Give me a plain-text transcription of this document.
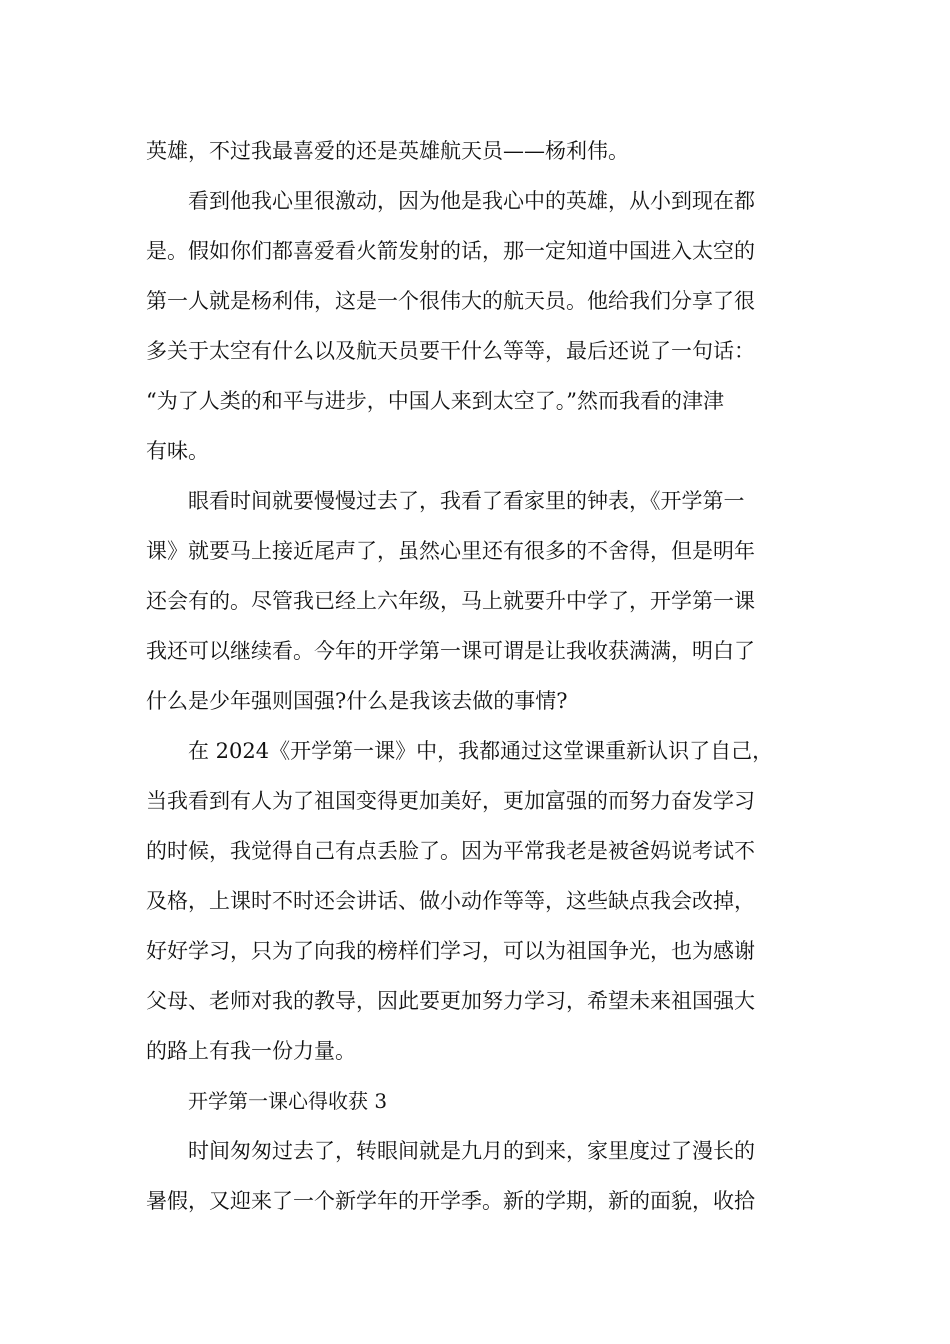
英雄，不过我最喜爱的还是英雄航天员——杨利伟。
看到他我心里很激动，因为他是我心中的英雄，从小到现在都
是。假如你们都喜爱看火箭发射的话，那一定知道中国进入太空的
第一人就是杨利伟，这是一个很伟大的航天员。他给我们分享了很
多关于太空有什么以及航天员要干什么等等，最后还说了一句话：
“为了人类的和平与进步，中国人来到太空了。”然而我看的津津
有味。
眼看时间就要慢慢过去了，我看了看家里的钟表，《开学第一
课》就要马上接近尾声了，虽然心里还有很多的不舍得，但是明年
还会有的。尽管我已经上六年级，马上就要升中学了，开学第一课
我还可以继续看。今年的开学第一课可谓是让我收获满满，明白了
什么是少年强则国强?什么是我该去做的事情?
在 2024《开学第一课》中，我都通过这堂课重新认识了自己，
当我看到有人为了祖国变得更加美好，更加富强的而努力奋发学习
的时候，我觉得自己有点丢脸了。因为平常我老是被爸妈说考试不
及格，上课时不时还会讲话、做小动作等等，这些缺点我会改掉，
好好学习，只为了向我的榜样们学习，可以为祖国争光，也为感谢
父母、老师对我的教导，因此要更加努力学习，希望未来祖国强大
的路上有我一份力量。
开学第一课心得收获 3
时间匆匆过去了，转眼间就是九月的到来，家里度过了漫长的
暑假，又迎来了一个新学年的开学季。新的学期，新的面貌，收拾
